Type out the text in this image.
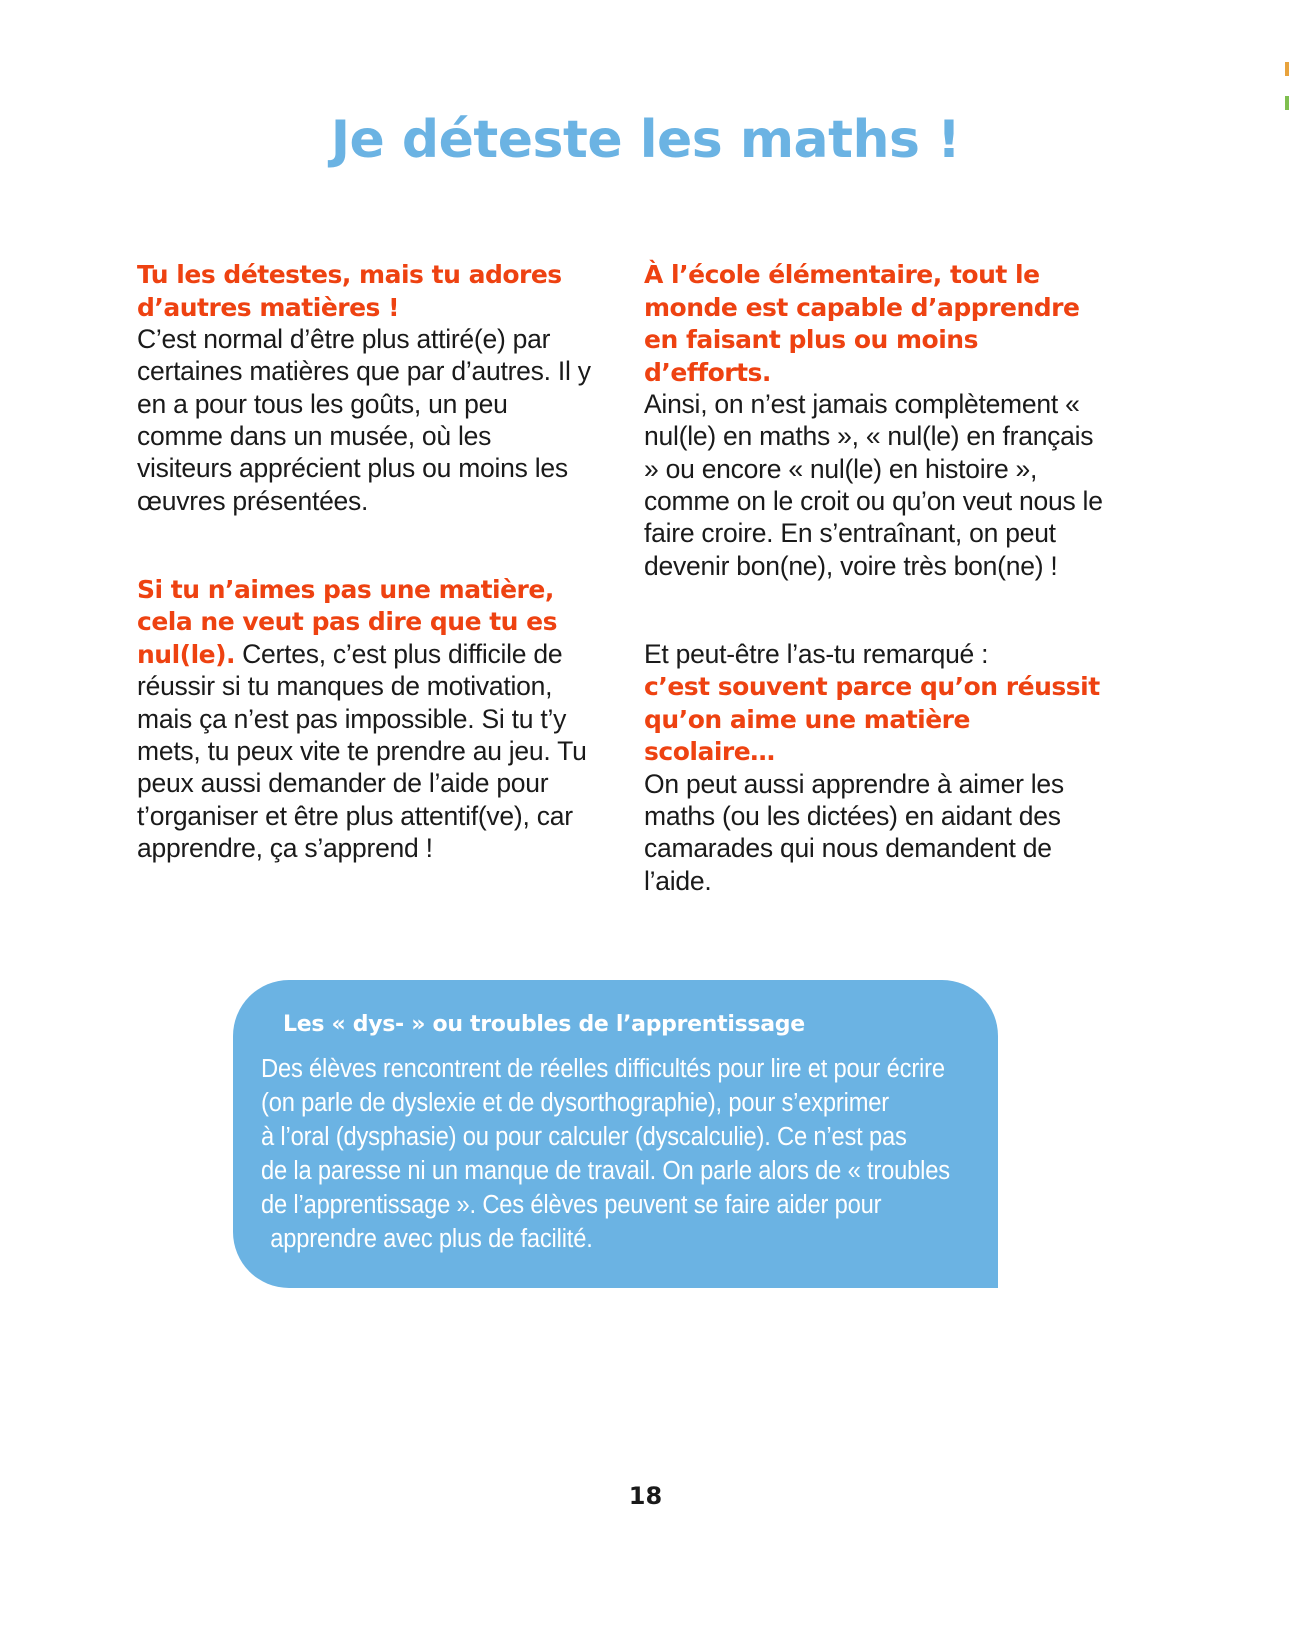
Je déteste les maths !

Tu les détestes, mais tu adores
d’autres matières !
C’est normal d’être plus attiré(e) par certaines matières que par d’autres. Il y en a pour tous les goûts, un peu comme dans un musée, où les visiteurs apprécient plus ou moins les œuvres présentées.

Si tu n’aimes pas une matière,
cela ne veut pas dire que tu es
nul(le). Certes, c’est plus difficile de réussir si tu manques de motivation, mais ça n’est pas impossible. Si tu t’y mets, tu peux vite te prendre au jeu. Tu peux aussi demander de l’aide pour t’organiser et être plus attentif(ve), car apprendre, ça s’apprend !

À l’école élémentaire, tout le
monde est capable d’apprendre
en faisant plus ou moins d’efforts.
Ainsi, on n’est jamais complètement « nul(le) en maths », « nul(le) en français » ou encore « nul(le) en histoire », comme on le croit ou qu’on veut nous le faire croire. En s’entraînant, on peut devenir bon(ne), voire très bon(ne) !

Et peut-être l’as-tu remarqué :
c’est souvent parce qu’on réussit
qu’on aime une matière scolaire…
On peut aussi apprendre à aimer les maths (ou les dictées) en aidant des camarades qui nous demandent de l’aide.

Les « dys- » ou troubles de l’apprentissage
Des élèves rencontrent de réelles difficultés pour lire et pour écrire
(on parle de dyslexie et de dysorthographie), pour s’exprimer
à l’oral (dysphasie) ou pour calculer (dyscalculie). Ce n’est pas
de la paresse ni un manque de travail. On parle alors de « troubles
de l’apprentissage ». Ces élèves peuvent se faire aider pour
apprendre avec plus de facilité.
18
